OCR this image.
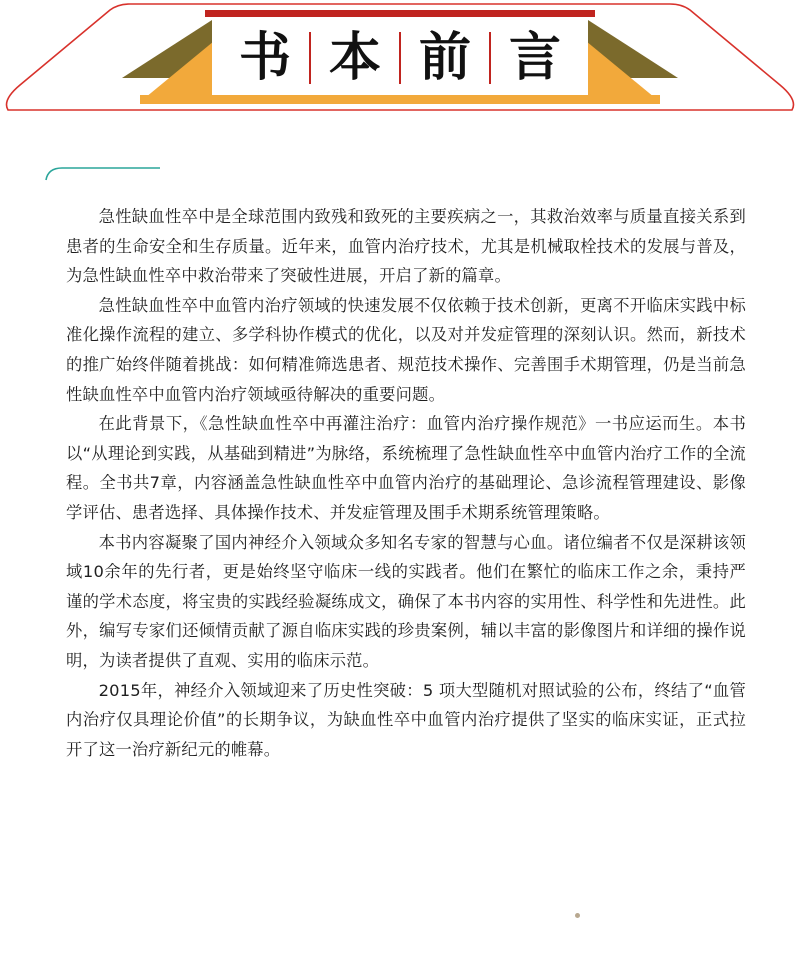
书 本 前 言

急性缺血性卒中是全球范围内致残和致死的主要疾病之一，其救治效率与质量直接关系到患者的生命安全和生存质量。近年来，血管内治疗技术，尤其是机械取栓技术的发展与普及，为急性缺血性卒中救治带来了突破性进展，开启了新的篇章。

急性缺血性卒中血管内治疗领域的快速发展不仅依赖于技术创新，更离不开临床实践中标准化操作流程的建立、多学科协作模式的优化，以及对并发症管理的深刻认识。然而，新技术的推广始终伴随着挑战：如何精准筛选患者、规范技术操作、完善围手术期管理，仍是当前急性缺血性卒中血管内治疗领域亟待解决的重要问题。

在此背景下，《急性缺血性卒中再灌注治疗：血管内治疗操作规范》一书应运而生。本书以“从理论到实践，从基础到精进”为脉络，系统梳理了急性缺血性卒中血管内治疗工作的全流程。全书共7章，内容涵盖急性缺血性卒中血管内治疗的基础理论、急诊流程管理建设、影像学评估、患者选择、具体操作技术、并发症管理及围手术期系统管理策略。

本书内容凝聚了国内神经介入领域众多知名专家的智慧与心血。诸位编者不仅是深耕该领域10余年的先行者，更是始终坚守临床一线的实践者。他们在繁忙的临床工作之余，秉持严谨的学术态度，将宝贵的实践经验凝练成文，确保了本书内容的实用性、科学性和先进性。此外，编写专家们还倾情贡献了源自临床实践的珍贵案例，辅以丰富的影像图片和详细的操作说明，为读者提供了直观、实用的临床示范。

2015年，神经介入领域迎来了历史性突破：5 项大型随机对照试验的公布，终结了“血管内治疗仅具理论价值”的长期争议，为缺血性卒中血管内治疗提供了坚实的临床实证，正式拉开了这一治疗新纪元的帷幕。
